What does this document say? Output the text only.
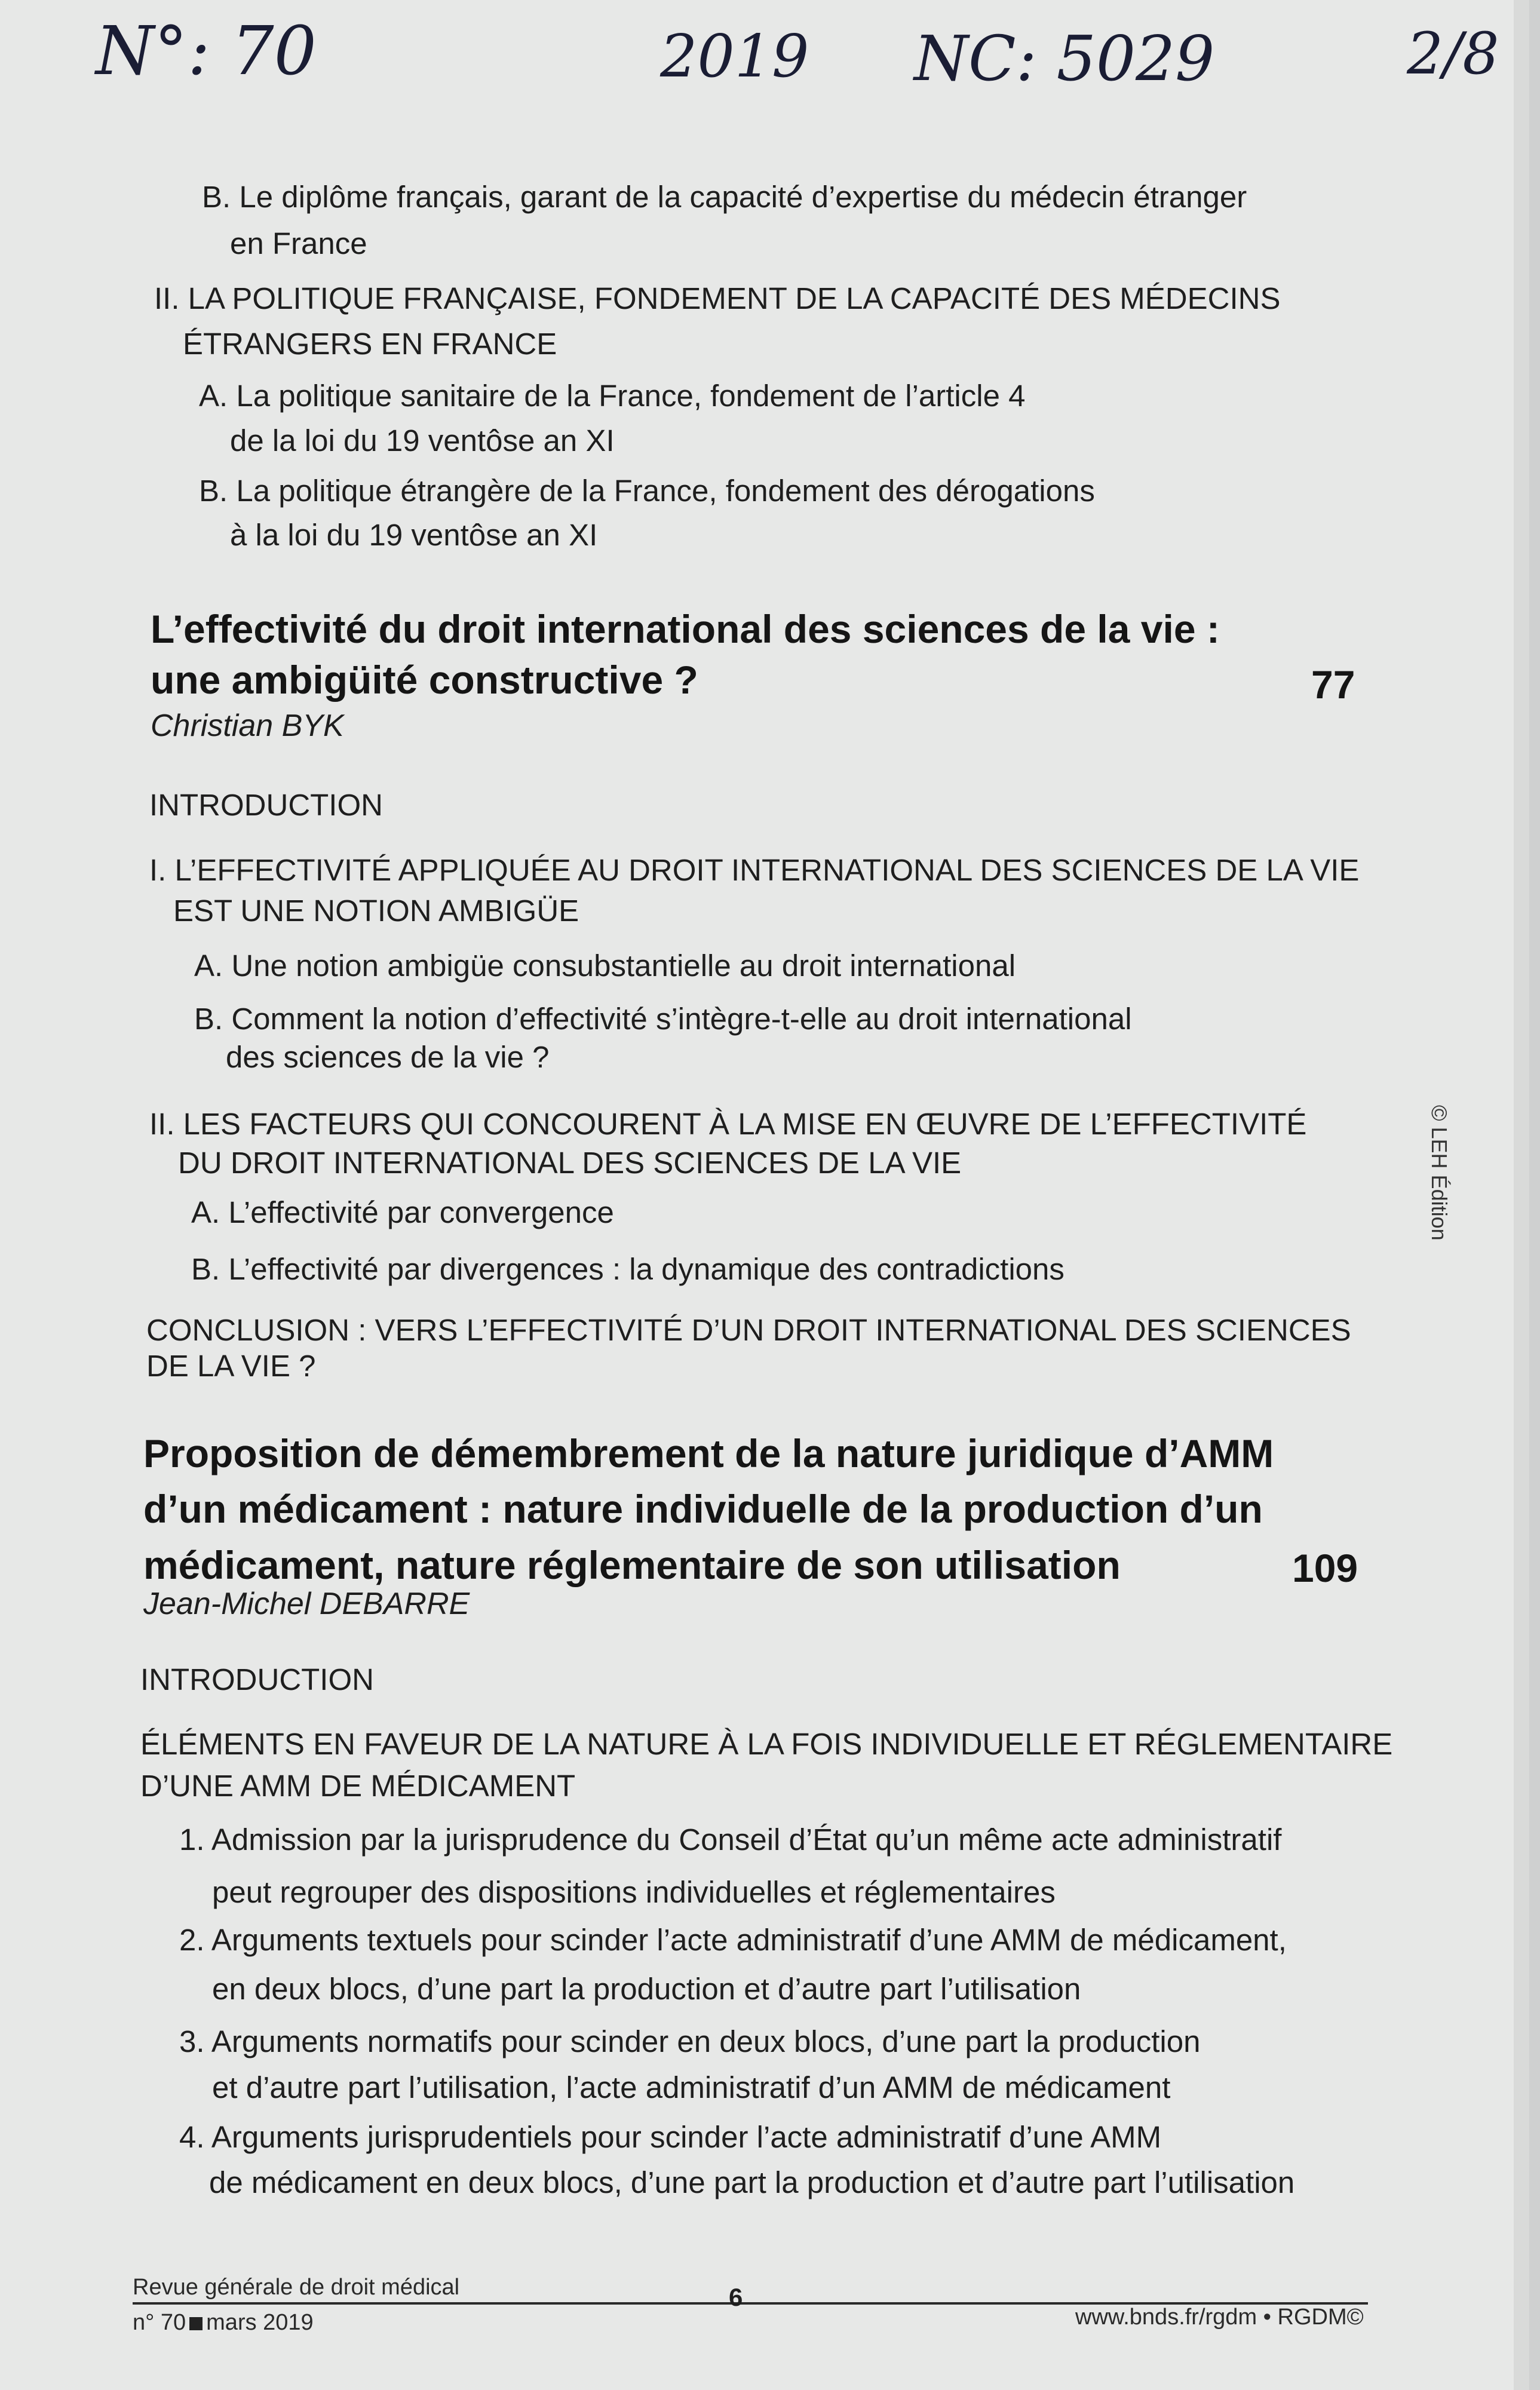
N°: 70	2019 NC: 5029	2/8
B. Le diplôme français, garant de la capacité d’expertise du médecin étranger
en France
II. LA POLITIQUE FRANÇAISE, FONDEMENT DE LA CAPACITÉ DES MÉDECINS
ÉTRANGERS EN FRANCE
A. La politique sanitaire de la France, fondement de l’article 4
de la loi du 19 ventôse an XI
B. La politique étrangère de la France, fondement des dérogations
à la loi du 19 ventôse an XI
L’effectivité du droit international des sciences de la vie :
une ambigüité constructive ?	77
Christian BYK
INTRODUCTION
I. L’EFFECTIVITÉ APPLIQUÉE AU DROIT INTERNATIONAL DES SCIENCES DE LA VIE
EST UNE NOTION AMBIGÜE
A. Une notion ambigüe consubstantielle au droit international
B. Comment la notion d’effectivité s’intègre-t-elle au droit international
des sciences de la vie ?
II. LES FACTEURS QUI CONCOURENT À LA MISE EN ŒUVRE DE L’EFFECTIVITÉ
DU DROIT INTERNATIONAL DES SCIENCES DE LA VIE
A. L’effectivité par convergence
B. L’effectivité par divergences : la dynamique des contradictions
CONCLUSION : VERS L’EFFECTIVITÉ D’UN DROIT INTERNATIONAL DES SCIENCES
DE LA VIE ?
Proposition de démembrement de la nature juridique d’AMM
d’un médicament : nature individuelle de la production d’un
médicament, nature réglementaire de son utilisation	109
Jean-Michel DEBARRE
INTRODUCTION
ÉLÉMENTS EN FAVEUR DE LA NATURE À LA FOIS INDIVIDUELLE ET RÉGLEMENTAIRE
D’UNE AMM DE MÉDICAMENT
1. Admission par la jurisprudence du Conseil d’État qu’un même acte administratif
peut regrouper des dispositions individuelles et réglementaires
2. Arguments textuels pour scinder l’acte administratif d’une AMM de médicament,
en deux blocs, d’une part la production et d’autre part l’utilisation
3. Arguments normatifs pour scinder en deux blocs, d’une part la production
et d’autre part l’utilisation, l’acte administratif d’un AMM de médicament
4. Arguments jurisprudentiels pour scinder l’acte administratif d’une AMM
de médicament en deux blocs, d’une part la production et d’autre part l’utilisation
Revue générale de droit médical
n° 70 mars 2019
6
www.bnds.fr/rgdm • RGDM©
© LEH Édition
